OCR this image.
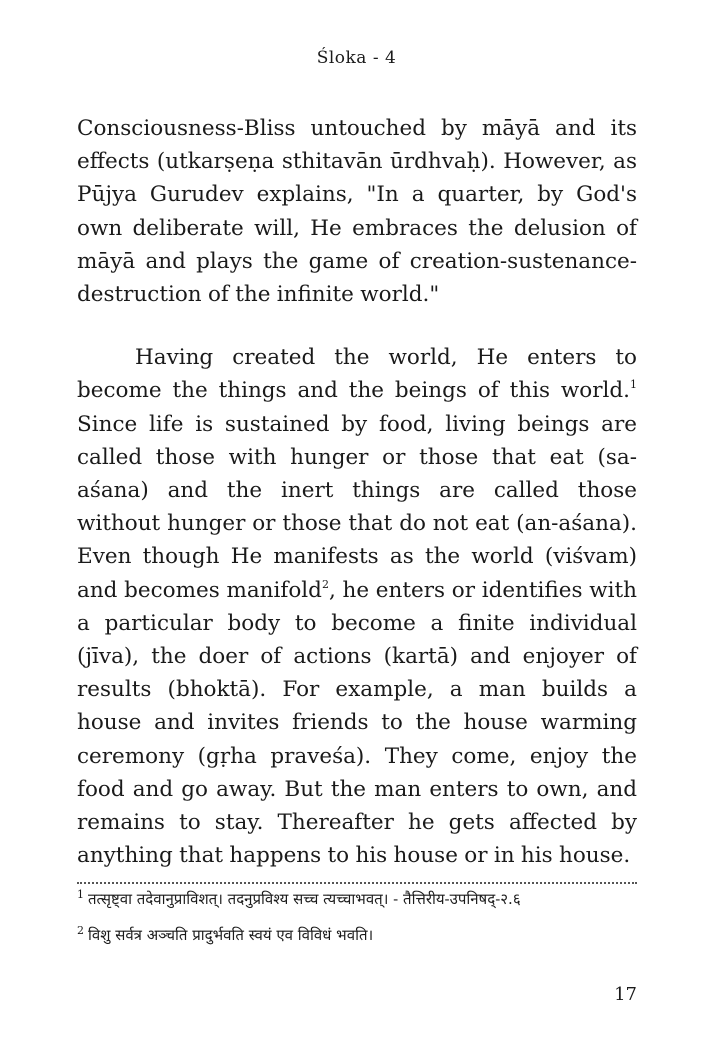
Śloka - 4

Consciousness-Bliss untouched by māyā and its effects (utkarṣeṇa sthitavān ūrdhvaḥ). However, as Pūjya Gurudev explains, "In a quarter, by God's own deliberate will, He embraces the delusion of māyā and plays the game of creation-sustenance-destruction of the infinite world."

Having created the world, He enters to become the things and the beings of this world.$^1$ Since life is sustained by food, living beings are called those with hunger or those that eat (sa-aśana) and the inert things are called those without hunger or those that do not eat (an-aśana). Even though He manifests as the world (viśvam) and becomes manifold$^2$, he enters or identifies with a particular body to become a finite individual (jīva), the doer of actions (kartā) and enjoyer of results (bhoktā). For example, a man builds a house and invites friends to the house warming ceremony (gṛha praveśa). They come, enjoy the food and go away. But the man enters to own, and remains to stay. Thereafter he gets affected by anything that happens to his house or in his house.

$^1$ तत्सृष्ट्वा तदेवानुप्राविशत्। तदनुप्रविश्य सच्च त्यच्चाभवत्। - तैत्तिरीय-उपनिषद्-२.६

$^2$ विशु सर्वत्र अञ्चति प्रादुर्भवति स्वयं एव विविधं भवति।

17
